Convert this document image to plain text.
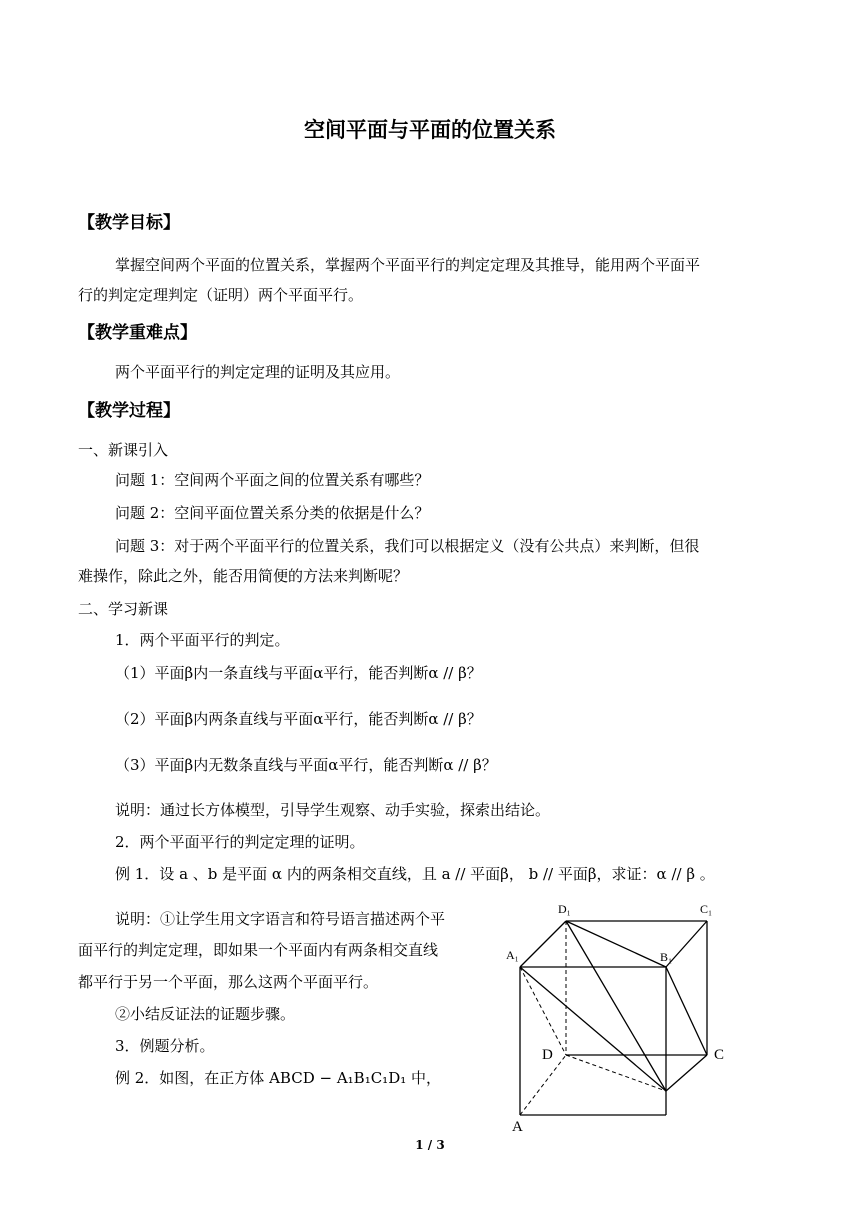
空间平面与平面的位置关系
【教学目标】
掌握空间两个平面的位置关系，掌握两个平面平行的判定定理及其推导，能用两个平面平
行的判定定理判定（证明）两个平面平行。
【教学重难点】
两个平面平行的判定定理的证明及其应用。
【教学过程】
一、新课引入
问题 1：空间两个平面之间的位置关系有哪些？
问题 2：空间平面位置关系分类的依据是什么？
问题 3：对于两个平面平行的位置关系，我们可以根据定义（没有公共点）来判断，但很
难操作，除此之外，能否用简便的方法来判断呢？
二、学习新课
1．两个平面平行的判定。
（1）平面β内一条直线与平面α平行，能否判断α // β？
（2）平面β内两条直线与平面α平行，能否判断α // β？
（3）平面β内无数条直线与平面α平行，能否判断α // β？
说明：通过长方体模型，引导学生观察、动手实验，探索出结论。
2．两个平面平行的判定定理的证明。
例 1．设 a 、b 是平面 α 内的两条相交直线，且 a // 平面β， b // 平面β，求证：α // β 。
说明：①让学生用文字语言和符号语言描述两个平
面平行的判定定理，即如果一个平面内有两条相交直线
都平行于另一个平面，那么这两个平面平行。
②小结反证法的证题步骤。
3．例题分析。
例 2．如图，在正方体 ABCD − A₁B₁C₁D₁ 中，
D₁	C₁
A₁	B₁
D	C
A
1 / 3
